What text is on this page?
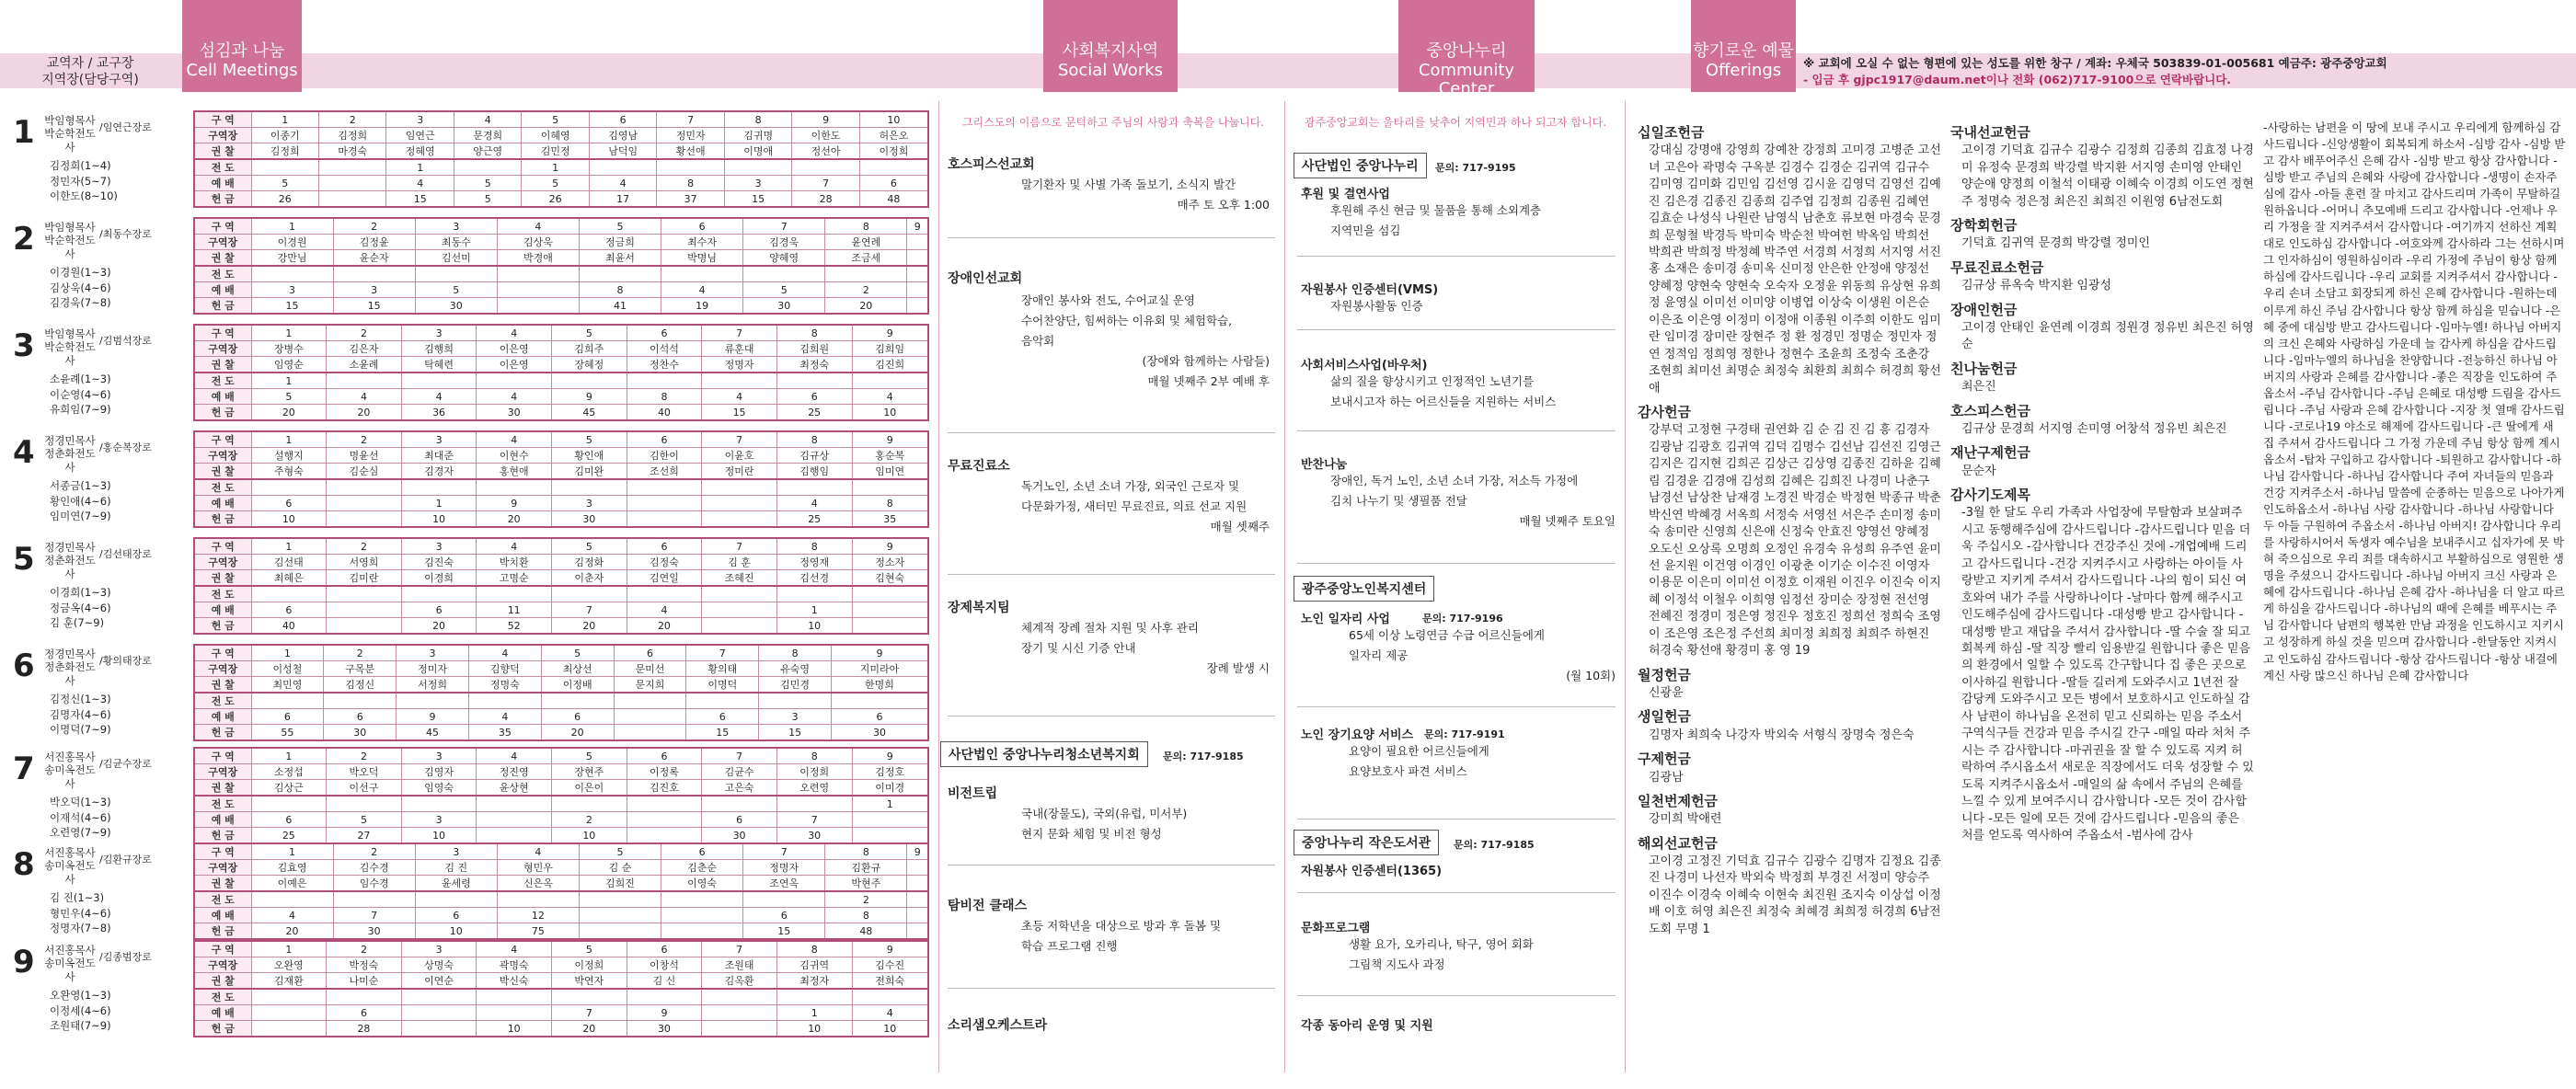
교역자 / 교구장
지역장(담당구역)
섬김과 나눔
Cell Meetings
사회복지사역
Social Works
중앙나누리
Community Center
향기로운 예물
Offerings	※ 교회에 오실 수 없는 형편에 있는 성도를 위한 창구 / 계좌: 우체국 503839-01-005681 예금주: 광주중앙교회
- 입금 후 gjpc1917@daum.net이나 전화 (062)717-9100으로 연락바랍니다.
1 박임형목사 박순학전도사
/임연근장로
김정희(1~4)
정민자(5~7)
이한도(8~10)
구 역	1	2	3	4	5	6	7	8	9	10
구역장	이종기	김정희	임연근	문경희	이혜영	김영남	정민자	김귀명	이한도	허은오
권 찰	김정희	마경숙	정혜영	양근영	김민정	남덕임	황선애	이명애	정선아	이정희
전 도			1		1					
예 배	5		4	5	5	4	8	3	7	6
헌 금	26		15	5	26	17	37	15	28	48
2 박임형목사 박순학전도사
/최동수장로
이경원(1~3)
김상욱(4~6)
김경욱(7~8)
구 역	1	2	3	4	5	6	7	8	9
구역장	이경원	김정윤	최동수	김상욱	정금희	최수자	김경욱	윤연례	
권 찰	강만님	윤순자	김선미	박경애	최윤서	박명님	양혜영	조금세	
전 도									
예 배	3	3	5		8	4	5	2	
헌 금	15	15	30		41	19	30	20	
3 박임형목사 박순학전도사
/김범석장로
소윤례(1~3)
이순영(4~6)
유희임(7~9)
구 역	1	2	3	4	5	6	7	8	9
구역장	장병수	김은자	김행희	이은영	김희주	이석석	류훈대	김희원	김희임
권 찰	임영순	소윤례	탁혜련	이은영	장혜정	정찬수	정명자	최정숙	김진희
전 도	1								
예 배	5	4	4	4	9	8	4	6	4
헌 금	20	20	36	30	45	40	15	25	10
4 정경민목사 정춘화전도사
/홍순복장로
서종금(1~3)
황인애(4~6)
임미연(7~9)
구 역	1	2	3	4	5	6	7	8	9
구역장	설행지	명윤선	최대준	이현수	황인애	김한이	이윤호	김규상	홍순복
권 찰	주형숙	김순심	김경자	홍현애	김미완	조선희	정미란	김행임	임미연
전 도									
예 배	6		1	9	3			4	8
헌 금	10		10	20	30			25	35
5 정경민목사 정춘화전도사
/김선태장로
이경희(1~3)
정금옥(4~6)
김 훈(7~9)
구 역	1	2	3	4	5	6	7	8	9
구역장	김선태	서영희	김진숙	박치환	김정화	김정숙	김 훈	정영재	정소자
권 찰	최혜은	김미란	이경희	고명순	이춘자	김연일	조혜진	김선경	김현숙
전 도									
예 배	6		6	11	7	4		1	
헌 금	40		20	52	20	20		10	
6 정경민목사 정춘화전도사
/황의태장로
김정신(1~3)
김명자(4~6)
이명덕(7~9)
구 역	1	2	3	4	5	6	7	8	9
구역장	이성철	구목분	정미자	김향덕	최상선	문미선	황의태	유숙영	지미라아
권 찰	최민영	김정신	서정희	정명숙	이정배	문지희	이명덕	김민경	한명희
전 도									
예 배	6	6	9	4	6		6	3	6
헌 금	55	30	45	35	20		15	15	30
7 서진홍목사 송미옥전도사
/김균수장로
박오덕(1~3)
이재석(4~6)
오련영(7~9)
구 역	1	2	3	4	5	6	7	8	9
구역장	소정섭	박오덕	김영자	정진영	장현주	이정록	김균수	이정희	김정호
권 찰	김상근	이선구	임영숙	윤상현	이은이	김진호	고은숙	오련영	이미경
전 도									1
예 배	6	5	3		2		6	7	
헌 금	25	27	10		10		30	30	
8 서진홍목사 송미옥전도사
/김환규장로
김 진(1~3)
형민우(4~6)
정명자(7~8)
구 역	1	2	3	4	5	6	7	8	9
구역장	김효영	김수경	김 진	형민우	김 순	김춘순	정명자	김환규	
권 찰	이예은	임수경	윤세령	신은옥	김희진	이영숙	조연옥	박현주	
전 도								2	
예 배	4	7	6	12			6	8	
헌 금	20	30	10	75			15	48	
9 서진홍목사 송미옥전도사
/김종범장로
오완영(1~3)
이정세(4~6)
조원태(7~9)
구 역	1	2	3	4	5	6	7	8	9
구역장	오완영	박정숙	상명숙	곽명숙	이정희	이창석	조원태	김귀역	김수진
권 찰	김재환	나미순	이연순	박신숙	박연자	김 신	김옥환	최정자	전희숙
전 도									
예 배		6			7	9		1	4
헌 금		28		10	20	30		10	10
그리스도의 이름으로 문턱하고 주님의 사랑과 축복을 나눕니다.
호스피스선교회
말기환자 및 사별 가족 돌보기, 소식지 발간
매주 토 오후 1:00
장애인선교회
장애인 봉사와 전도, 수어교실 운영
수어찬양단, 힘써하는 이유회 및 체험학습,
음악회
(장애와 함께하는 사람들)
매월 넷째주 2부 예배 후
무료진료소
독거노인, 소년 소녀 가장, 외국인 근로자 및
다문화가정, 새터민 무료진료, 의료 선교 지원
매월 셋째주
장제복지팀
체계적 장례 절차 지원 및 사후 관리
장기 및 시신 기증 안내
장례 발생 시
사단법인 중앙나누리청소년복지회	문의: 717-9185
비전트립
국내(장물도), 국외(유럽, 미서부)
현지 문화 체험 및 비전 형성
탐비전 클래스
초등 저학년을 대상으로 방과 후 돌봄 및
학습 프로그램 진행
소리샘오케스트라
광주중앙교회는 울타리를 낮추어 지역민과 하나 되고자 합니다.
사단법인 중앙나누리	문의: 717-9195
후원 및 결연사업
후원해 주신 현금 및 물품을 통해 소외계층
지역민을 섬김
자원봉사 인증센터(VMS)
자원봉사활동 인증
사회서비스사업(바우처)
삶의 질을 향상시키고 인정적인 노년기를
보내시고자 하는 어르신들을 지원하는 서비스
반찬나눔
장애인, 독거 노인, 소년 소녀 가장, 저소득 가정에
김치 나누기 및 생필품 전달
매월 넷째주 토요일
광주중앙노인복지센터
노인 일자리 사업	문의: 717-9196
65세 이상 노령연금 수급 어르신들에게
일자리 제공
(월 10회)
노인 장기요양 서비스 문의: 717-9191
요양이 필요한 어르신들에게
요양보호사 파견 서비스
중앙나누리 작은도서관	문의: 717-9185
자원봉사 인증센터(1365)
문화프로그램
생활 요가, 오카리나, 탁구, 영어 회화
그림책 지도사 과정
각종 동아리 운영 및 지원
십일조헌금
강대심 강명애 강영희 강예찬 강정희 고미경 고병준 고선녀 고은아 곽명숙 구옥분 김경수 김경순 김귀역 김규수 김미영 김미화 김민임 김선영 김시윤 김영덕 김영선 김예진 김은경 김종진 김종희 김주엽 김정희 김종원 김혜연 김효순 나성식 나원란 남영식 남춘호 류보현 마경숙 문경희 문형철 박경득 박미숙 박순천 박여헌 박옥임 박희선 박희관 박희정 박정혜 박주연 서경희 서정희 서지영 서진홍 소재은 송미경 송미옥 신미정 안은한 안정애 양정선 양혜정 양현숙 양현숙 오숙자 오정윤 위동희 유상현 유희정 윤영실 이미선 이미양 이병엽 이상숙 이생원 이은순 이은조 이은영 이정미 이정애 이종원 이주희 이한도 임미란 임미경 장미란 장현주 정 환 정경민 정명순 정민자 정연 정적임 정희영 정한나 정현수 조윤희 조정숙 조춘강 조현희 최미선 최명순 최정숙 최환희 최희수 허경희 황선애
감사헌금
강부덕 고정현 구경태 권연화 김 순 김 진 김 흥 김경자 김광남 김광호 김귀역 김덕 김명수 김선남 김선진 김영근 김지은 김지현 김희곤 김상근 김상영 김종진 김하윤 김혜림 김경윤 김경애 김성희 김혜은 김희진 나경미 나춘구 남경선 남상찬 남재경 노경진 박경순 박정현 박종규 박춘 박신연 박혜경 서옥희 서정숙 서영선 서은주 손미정 송미숙 송미란 신영희 신은애 신정숙 안효진 양영선 양혜정 오도신 오상록 오명희 오정인 유경숙 유성희 유주연 윤미선 윤지원 이건영 이경인 이광춘 이기순 이수진 이영자 이용문 이은미 이미선 이정호 이재원 이진우 이진숙 이지혜 이정석 이철우 이희영 임정선 장미순 장정현 전선영 전혜진 정경미 정은영 정진우 정호진 정희선 정희숙 조영이 조은영 조은정 주선희 최미정 최희정 최희주 하현진 허경숙 황선애 황경미 홍 영 19
월정헌금
신광윤
생일헌금
김명자 최희숙 나강자 박외숙 서형식 장명숙 정은숙
구제헌금
김광남
일천번제헌금
강미희 박애련
해외선교헌금
고이경 고정진 기덕효 김규수 김광수 김명자 김정요 김종진 나경미 나선자 박외숙 박정희 부경진 서정미 양승주 이진수 이경숙 이혜숙 이현숙 최진원 조지숙 이상섭 이정배 이호 허영 최은진 최정숙 최혜경 최희정 허경희 6남전도회 무명 1
국내선교헌금
고이경 기덕효 김규수 김광수 김정희 김종희 김효정 나경미 유정숙 문경희 박강렬 박지환 서지영 손미영 안태인 양순애 양정희 이철석 이태광 이혜숙 이경희 이도연 정현주 정명숙 정은정 최은진 최희진 이원영 6남전도회
장학회헌금
기덕효 김귀역 문경희 박강렬 정미인
무료진료소헌금
김규상 류옥숙 박지환 임광성
장애인헌금
고이경 안태인 윤연례 이경희 정원경 정유빈 최은진 허영순
친나눔헌금
최은진
호스피스헌금
김규상 문경희 서지영 손미영 어창석 정유빈 최은진
재난구제헌금
문순자
감사기도제목
-3월 한 달도 우리 가족과 사업장에 무탈함과 보살펴주시고 동행해주심에 감사드립니다 -감사드립니다 믿음 더욱 주십시오 -감사합니다 건강주신 것에 -개업예배 드리고 감사드립니다 -건강 지켜주시고 사랑하는 아이들 사랑받고 지키게 주셔서 감사드립니다 -나의 힘이 되신 여호와여 내가 주를 사랑하나이다 -날마다 함께 해주시고 인도해주심에 감사드립니다 -대성빵 받고 감사합니다 -대성빵 받고 재답을 주셔서 감사합니다 -딸 수술 잘 되고 회복케 하심 -딸 직장 빨리 임용받길 원합니다 좋은 믿음의 환경에서 일할 수 있도록 간구합니다 집 좋은 곳으로 이사하길 원합니다 -딸들 길러게 도와주시고 1년전 잘 감당케 도와주시고 모든 병에서 보호하시고 인도하실 감사 남편이 하나님을 온전히 믿고 신뢰하는 믿음 주소서 구역식구들 건강과 믿음 주시길 간구 -매일 따라 처처 주시는 주 감사합니다 -마귀권을 잘 할 수 있도록 지켜 허락하여 주시옵소서 새로운 직장에서도 더욱 성장할 수 있도록 지켜주시옵소서 -매일의 삶 속에서 주님의 은혜를 느낄 수 있게 보여주시니 감사합니다 -모든 것이 감사합니다 -모든 일에 모든 것에 감사드립니다 -믿음의 좋은 처를 얻도록 역사하여 주옵소서 -범사에 감사
-사랑하는 남편을 이 땅에 보내 주시고 우리에게 함께하심 감사드립니다 -신앙생활이 회복되게 하소서 -심방 감사 -심방 받고 감사 배푸어주신 은혜 감사 -심방 받고 항상 감사합니다 -심방 받고 주님의 은혜와 사랑에 감사합니다 -생명이 손자주심에 감사 -아들 훈련 잘 마치고 감사드리며 가족이 무탈하길 원하옵니다 -어머니 추모예배 드리고 감사합니다 -언제나 우리 가정을 잘 지켜주셔서 감사합니다 -여기까지 선하신 계획대로 인도하심 감사합니다 -여호와께 감사하라 그는 선하시며 그 인자하심이 영원하심이라 -우리 가정에 주님이 항상 함께 하심에 감사드립니다 -우리 교회를 지켜주셔서 감사합니다 -우리 손녀 소담고 회장되게 하신 은혜 감사합니다 -원하는데 이루게 하신 주님 감사합니다 항상 함께 하심을 믿습니다 -은혜 중에 대심방 받고 감사드립니다 -임마누엘! 하나님 아버지의 크신 은혜와 사랑하심 가운데 늘 감사케 하심을 감사드립니다 -임마누엘의 하나님을 찬양합니다 -전능하신 하나님 아버지의 사랑과 은혜를 감사합니다 -좋은 직장을 인도하여 주옵소서 -주님 감사합니다 -주님 은혜로 대성빵 드림을 감사드립니다 -주님 사랑과 은혜 감사합니다 -지장 첫 열매 감사드립니다 -코로나19 야소로 해제에 감사드립니다 -큰 딸에게 새 집 주셔서 감사드립니다 그 가정 가운데 주님 항상 함께 계시옵소서 -탑차 구입하고 감사합니다 -퇴원하고 감사합니다 -하나님 감사합니다 -하나님 감사합니다 주여 자녀들의 믿음과 건강 지켜주소서 -하나님 말씀에 순종하는 믿음으로 나아가게 인도하옵소서 -하나님 사랑 감사합니다 -하나님 사랑합니다 두 아들 구원하여 주옵소서 -하나님 아버지! 감사합니다 우리를 사랑하시어서 독생자 예수님을 보내주시고 십자가에 못 박혀 죽으심으로 우리 죄를 대속하시고 부활하심으로 영원한 생명을 주셨으니 감사드립니다 -하나님 아버지 크신 사랑과 은혜에 감사드립니다 -하나님 은혜 감사 -하나님을 더 알고 따르게 하심을 감사드립니다 -하나님의 때에 은혜를 베푸시는 주님 감사합니다 남편의 행복한 만남 과정을 인도하시고 지키시고 성장하게 하실 것을 믿으며 감사합니다 -한달동안 지켜시고 인도하심 감사드립니다 -항상 감사드립니다 -항상 내걸에 계신 사랑 많으신 하나님 은혜 감사합니다
